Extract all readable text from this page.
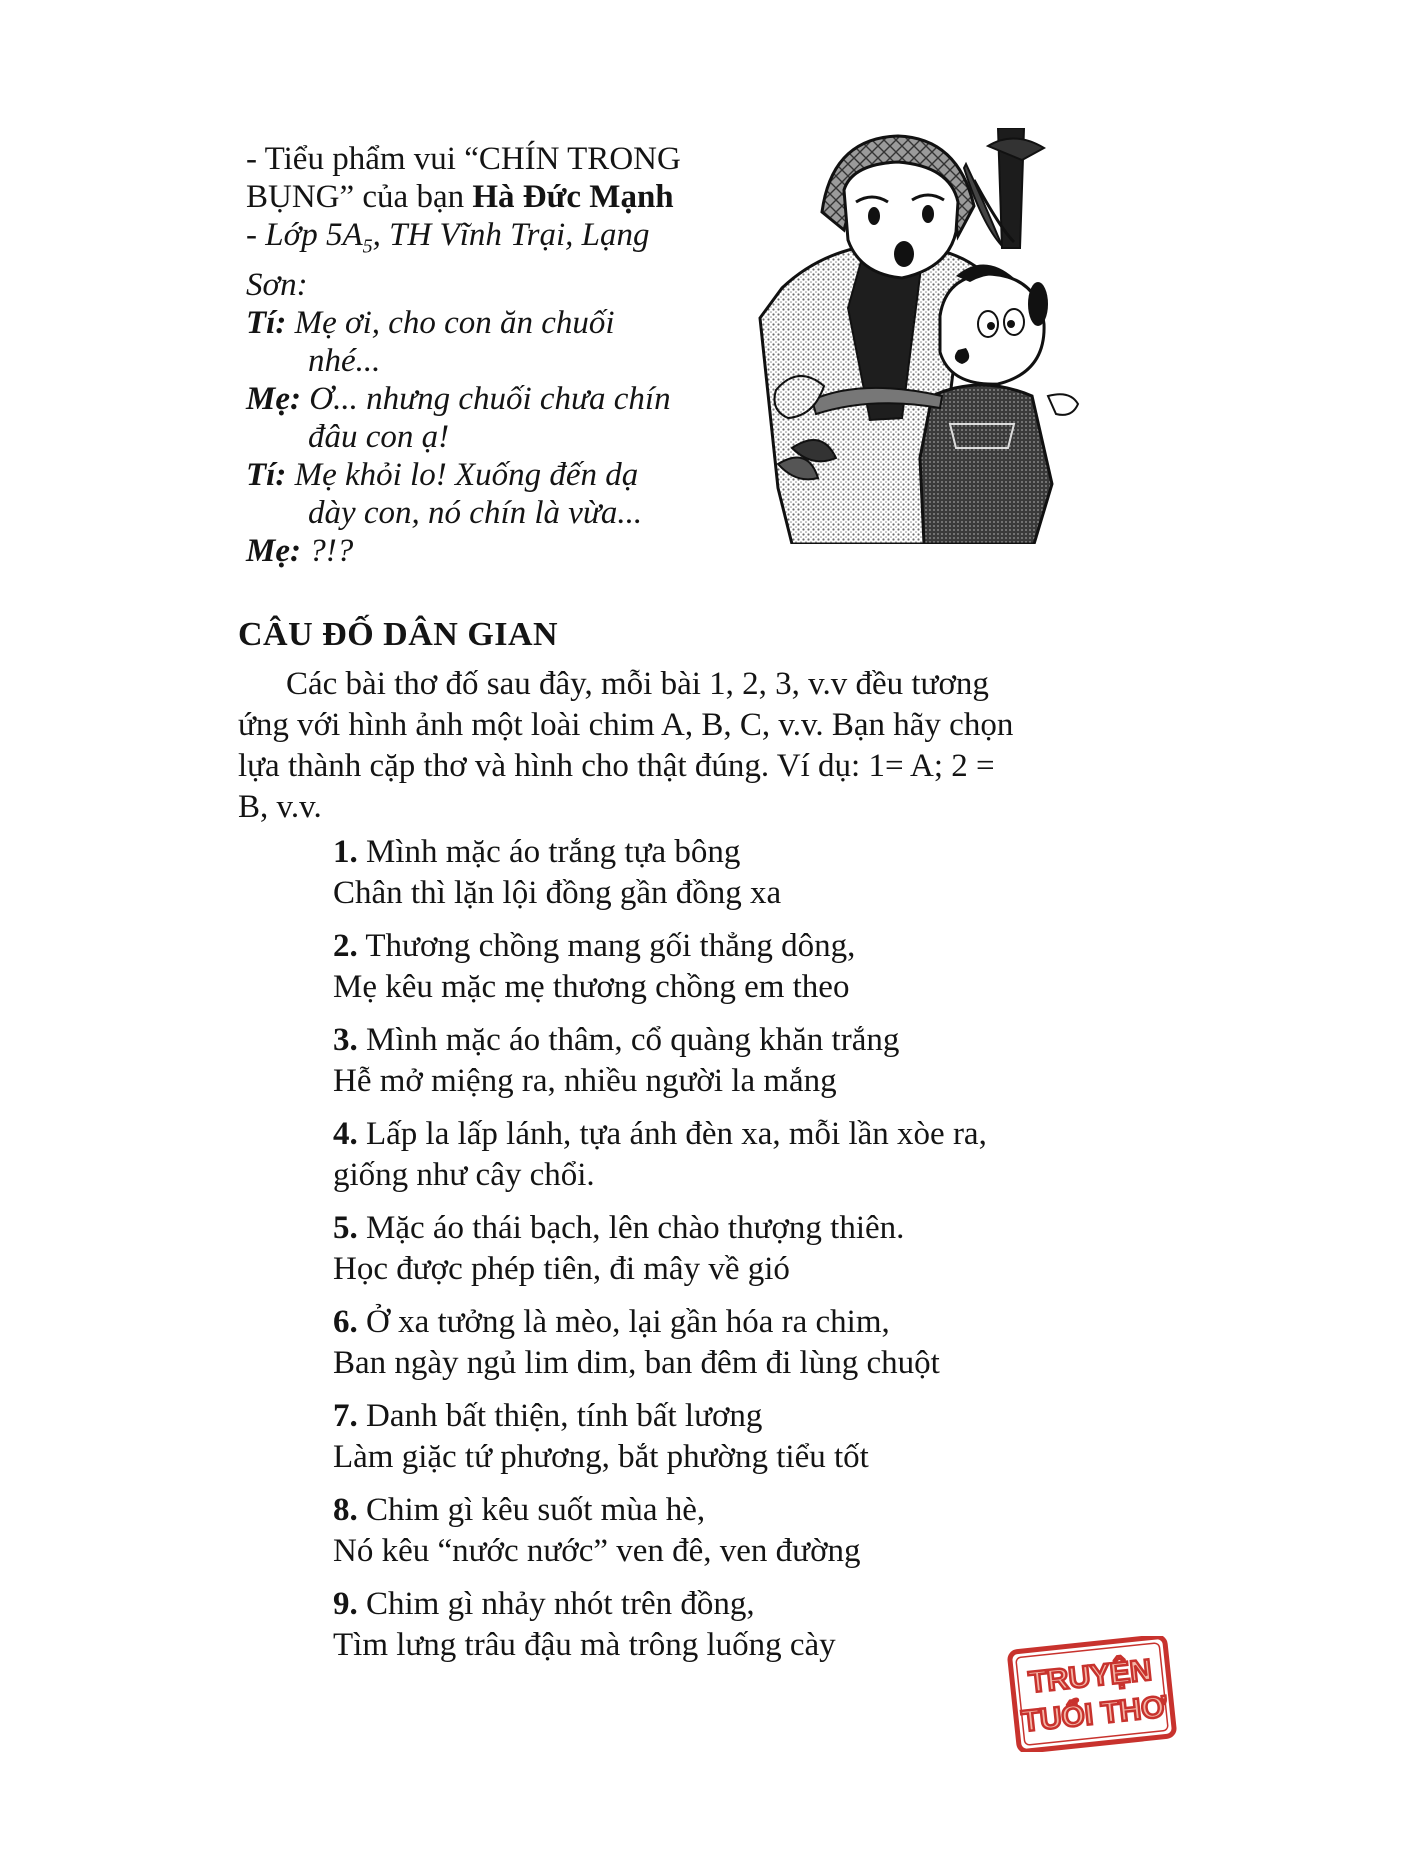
- Tiểu phẩm vui “CHÍN TRONG
BỤNG” của bạn Hà Đức Mạnh
- Lớp $5A_5$, TH Vĩnh Trại, Lạng
Sơn:
Tí: Mẹ ơi, cho con ăn chuối
nhé...
Mẹ: Ơ... nhưng chuối chưa chín
đâu con ạ!
Tí: Mẹ khỏi lo! Xuống đến dạ
dày con, nó chín là vừa...
Mẹ: ?!?
CÂU ĐỐ DÂN GIAN
Các bài thơ đố sau đây, mỗi bài 1, 2, 3, v.v đều tương
ứng với hình ảnh một loài chim A, B, C, v.v. Bạn hãy chọn
lựa thành cặp thơ và hình cho thật đúng. Ví dụ: 1= A; 2 =
B, v.v.
1. Mình mặc áo trắng tựa bông
Chân thì lặn lội đồng gần đồng xa
2. Thương chồng mang gối thẳng dông,
Mẹ kêu mặc mẹ thương chồng em theo
3. Mình mặc áo thâm, cổ quàng khăn trắng
Hễ mở miệng ra, nhiều người la mắng
4. Lấp la lấp lánh, tựa ánh đèn xa, mỗi lần xòe ra,
giống như cây chổi.
5. Mặc áo thái bạch, lên chào thượng thiên.
Học được phép tiên, đi mây về gió
6. Ở xa tưởng là mèo, lại gần hóa ra chim,
Ban ngày ngủ lim dim, ban đêm đi lùng chuột
7. Danh bất thiện, tính bất lương
Làm giặc tứ phương, bắt phường tiểu tốt
8. Chim gì kêu suốt mùa hè,
Nó kêu “nước nước” ven đê, ven đường
9. Chim gì nhảy nhót trên đồng,
Tìm lưng trâu đậu mà trông luống cày
TRUYỆN
TUỔI THƠ
